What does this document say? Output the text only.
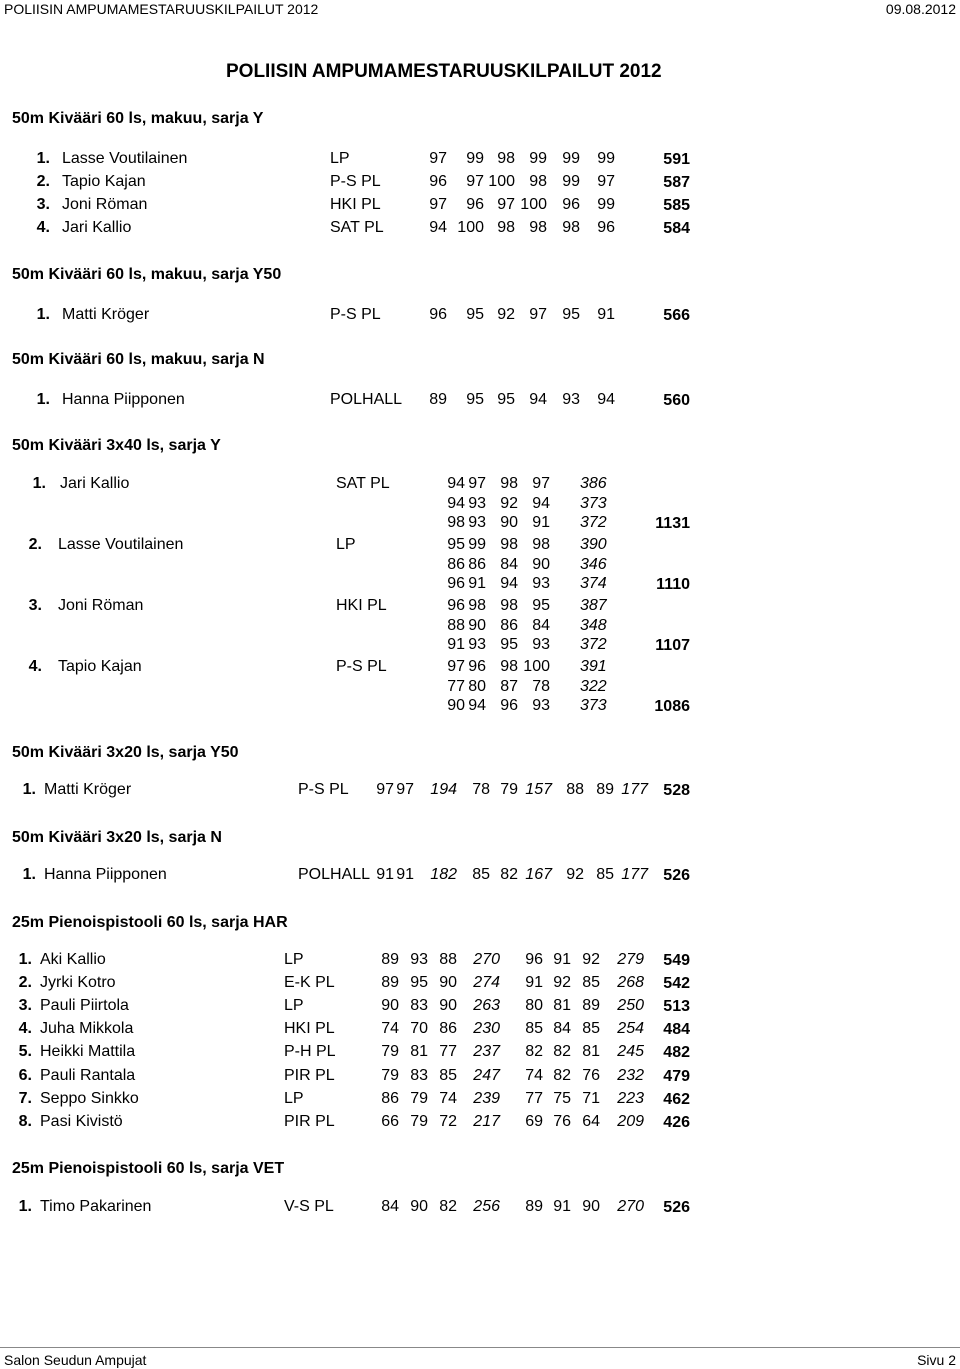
POLIISIN AMPUMAMESTARUUSKILPAILUT 2012	09.08.2012
POLIISIN AMPUMAMESTARUUSKILPAILUT 2012
50m Kivääri 60 ls, makuu, sarja Y
1. Lasse Voutilainen	LP	97	99 98 99 99	99	591
2. Tapio Kajan	P-S PL	96	97 100 98 99	97	587
3. Joni Röman	HKI PL	97	96 97 100 96	99	585
4. Jari Kallio	SAT PL	94 100 98 98 98	96	584
50m Kivääri 60 ls, makuu, sarja Y50
1. Matti Kröger	P-S PL	96	95 92 97 95	91	566
50m Kivääri 60 ls, makuu, sarja N
1. Hanna Piipponen	POLHALL	89	95 95 94 93	94	560
50m Kivääri 3x40 ls, sarja Y
1. Jari Kallio	SAT PL	94 97 98 97 386
94 93 92 94 373
98 93 90 91 372	1131
2. Lasse Voutilainen	LP	95 99 98 98 390
86 86 84 90 346
96 91 94 93 374	1110
3. Joni Röman	HKI PL	96 98 98 95 387
88 90 86 84 348
91 93 95 93 372	1107
4. Tapio Kajan	P-S PL	97 96 98 100 391
77 80 87 78 322
90 94 96 93 373	1086
50m Kivääri 3x20 ls, sarja Y50
1. Matti Kröger	P-S PL	97 97	194 78 79 157 88 89 177 528
50m Kivääri 3x20 ls, sarja N
1. Hanna Piipponen	POLHALL 91 91	182 85 82 167 92 85 177 526
25m Pienoispistooli 60 ls, sarja HAR
1. Aki Kallio	LP	89 93 88	270	96 91 92	279	549
2. Jyrki Kotro	E-K PL	89 95 90	274	91 92 85	268	542
3. Pauli Piirtola	LP	90 83 90	263	80 81 89	250	513
4. Juha Mikkola	HKI PL	74 70 86	230	85 84 85	254	484
5. Heikki Mattila	P-H PL	79 81 77	237	82 82 81	245	482
6. Pauli Rantala	PIR PL	79 83 85	247	74 82 76	232	479
7. Seppo Sinkko	LP	86 79 74	239	77 75 71	223	462
8. Pasi Kivistö	PIR PL	66 79 72	217	69 76 64	209	426
25m Pienoispistooli 60 ls, sarja VET
1. Timo Pakarinen	V-S PL	84 90 82	256	89 91 90	270	526
Salon Seudun Ampujat	Sivu 2
